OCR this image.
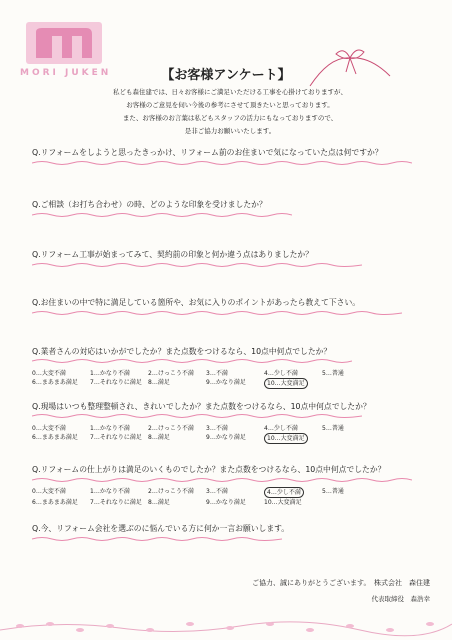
MORI JUKEN	【お客様アンケート】
私ども森住建では、日々お客様にご満足いただける工事を心掛けておりますが、
お客様のご意見を伺い今後の参考にさせて頂きたいと思っております。
また、お客様のお言葉は私どもスタッフの活力にもなっておりますので、
是非ご協力お願いいたします。
Q.リフォームをしようと思ったきっかけ、リフォーム前のお住まいで気になっていた点は何ですか？
Q.ご相談（お打ち合わせ）の時、どのような印象を受けましたか？
Q.リフォーム工事が始まってみて、契約前の印象と何か違う点はありましたか？
Q.お住まいの中で特に満足している箇所や、お気に入りのポイントがあったら教えて下さい。
Q.業者さんの対応はいかがでしたか？また点数をつけるなら、10点中何点でしたか？
0…大変不満	1…かなり不満	2…けっこう不満	3…不満	4…少し不満	5…普通
6…まあまあ満足	7…それなりに満足	8…満足	9…かなり満足	10…大変満足
Q.現場はいつも整理整頓され、きれいでしたか？また点数をつけるなら、10点中何点でしたか？
0…大変不満	1…かなり不満	2…けっこう不満	3…不満	4…少し不満	5…普通
6…まあまあ満足	7…それなりに満足	8…満足	9…かなり満足	10…大変満足
Q.リフォームの仕上がりは満足のいくものでしたか？また点数をつけるなら、10点中何点でしたか？
0…大変不満	1…かなり不満	2…けっこう不満	3…不満	4…少し不満	5…普通
6…まあまあ満足	7…それなりに満足	8…満足	9…かなり満足	10…大変満足
Q.今、リフォーム会社を選ぶのに悩んでいる方に何か一言お願いします。
ご協力、誠にありがとうございます。　株式会社　森住建
代表取締役　森浩幸
